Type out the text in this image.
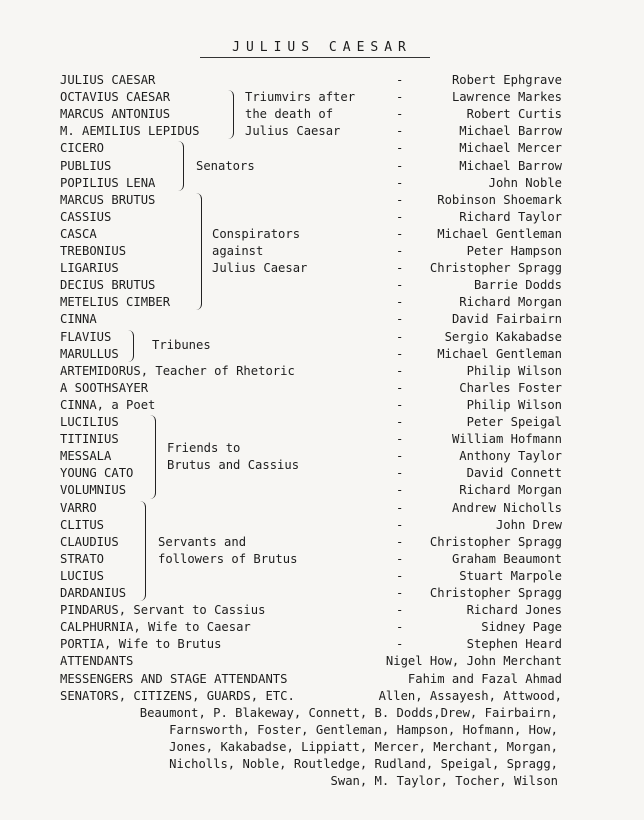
JULIUS CAESAR
JULIUS CAESAR	-	Robert Ephgrave
OCTAVIUS CAESAR	-	Lawrence Markes
MARCUS ANTONIUS	-	Robert Curtis
M. AEMILIUS LEPIDUS	-	Michael Barrow
CICERO	-	Michael Mercer
PUBLIUS	-	Michael Barrow
POPILIUS LENA	-	John Noble
MARCUS BRUTUS	-	Robinson Shoemark
CASSIUS	-	Richard Taylor
CASCA	-	Michael Gentleman
TREBONIUS	-	Peter Hampson
LIGARIUS	- Christopher Spragg
DECIUS BRUTUS	-	Barrie Dodds
METELIUS CIMBER	-	Richard Morgan
CINNA	-	David Fairbairn
FLAVIUS	-	Sergio Kakabadse
MARULLUS	-	Michael Gentleman
ARTEMIDORUS, Teacher of Rhetoric	-	Philip Wilson
A SOOTHSAYER	-	Charles Foster
CINNA, a Poet	-	Philip Wilson
LUCILIUS	-	Peter Speigal
TITINIUS	-	William Hofmann
MESSALA	-	Anthony Taylor
YOUNG CATO	-	David Connett
VOLUMNIUS	-	Richard Morgan
VARRO	-	Andrew Nicholls
CLITUS	-	John Drew
CLAUDIUS	- Christopher Spragg
STRATO	-	Graham Beaumont
LUCIUS	-	Stuart Marpole
DARDANIUS	- Christopher Spragg
PINDARUS, Servant to Cassius	-	Richard Jones
CALPHURNIA, Wife to Caesar	-	Sidney Page
PORTIA, Wife to Brutus	-	Stephen Heard
ATTENDANTS	Nigel How, John Merchant
MESSENGERS AND STAGE ATTENDANTS	Fahim and Fazal Ahmad
SENATORS, CITIZENS, GUARDS, ETC.	Allen, Assayesh, Attwood,
Triumvirs after
the death of
Julius Caesar
Senators
Conspirators
against
Julius Caesar
Tribunes
Friends to
Brutus and Cassius
Servants and
followers of Brutus
Beaumont, P. Blakeway, Connett, B. Dodds,Drew, Fairbairn,
Farnsworth, Foster, Gentleman, Hampson, Hofmann, How,
Jones, Kakabadse, Lippiatt, Mercer, Merchant, Morgan,
Nicholls, Noble, Routledge, Rudland, Speigal, Spragg,
Swan, M. Taylor, Tocher, Wilson
